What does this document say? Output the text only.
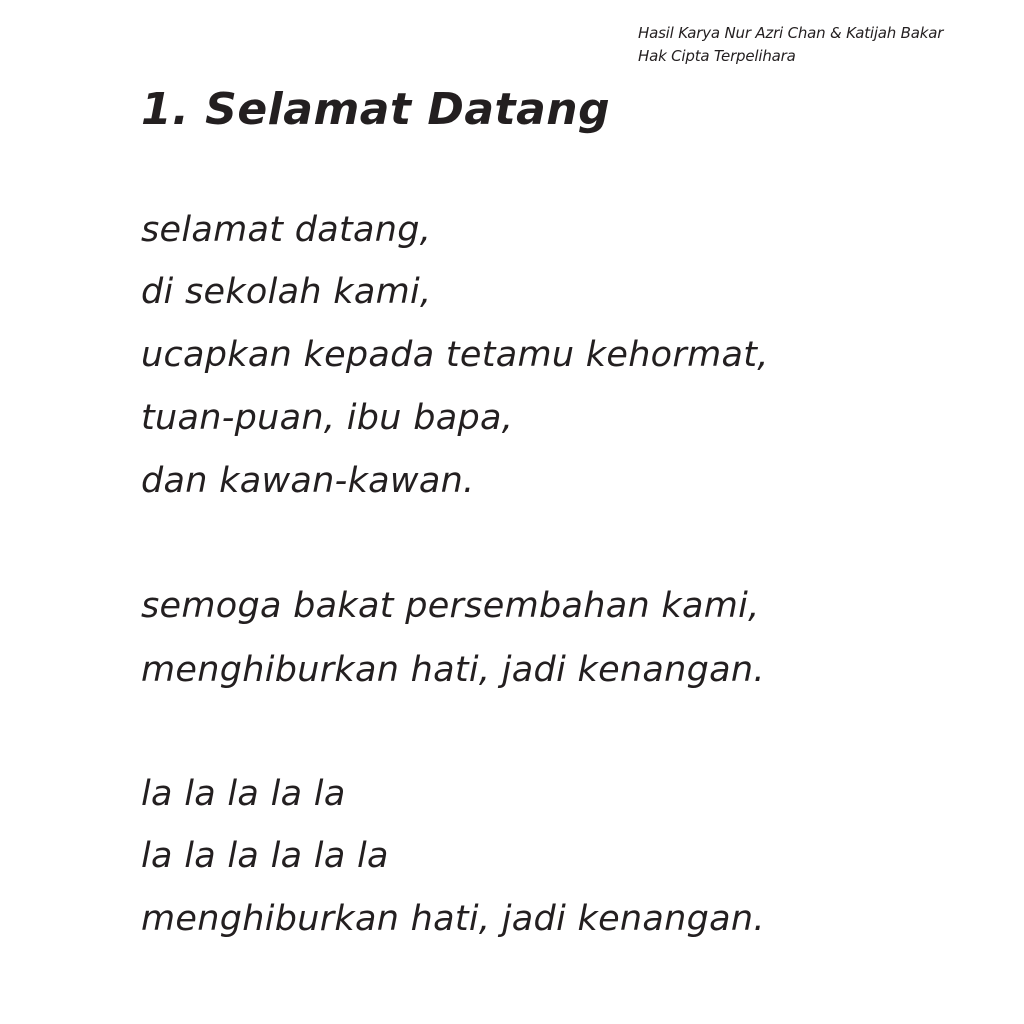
Hasil Karya Nur Azri Chan & Katijah Bakar
Hak Cipta Terpelihara
1. Selamat Datang
selamat datang,
di sekolah kami,
ucapkan kepada tetamu kehormat,
tuan-puan, ibu bapa,
dan kawan-kawan.
semoga bakat persembahan kami,
menghiburkan hati, jadi kenangan.
la la la la la
la la la la la la
menghiburkan hati, jadi kenangan.
